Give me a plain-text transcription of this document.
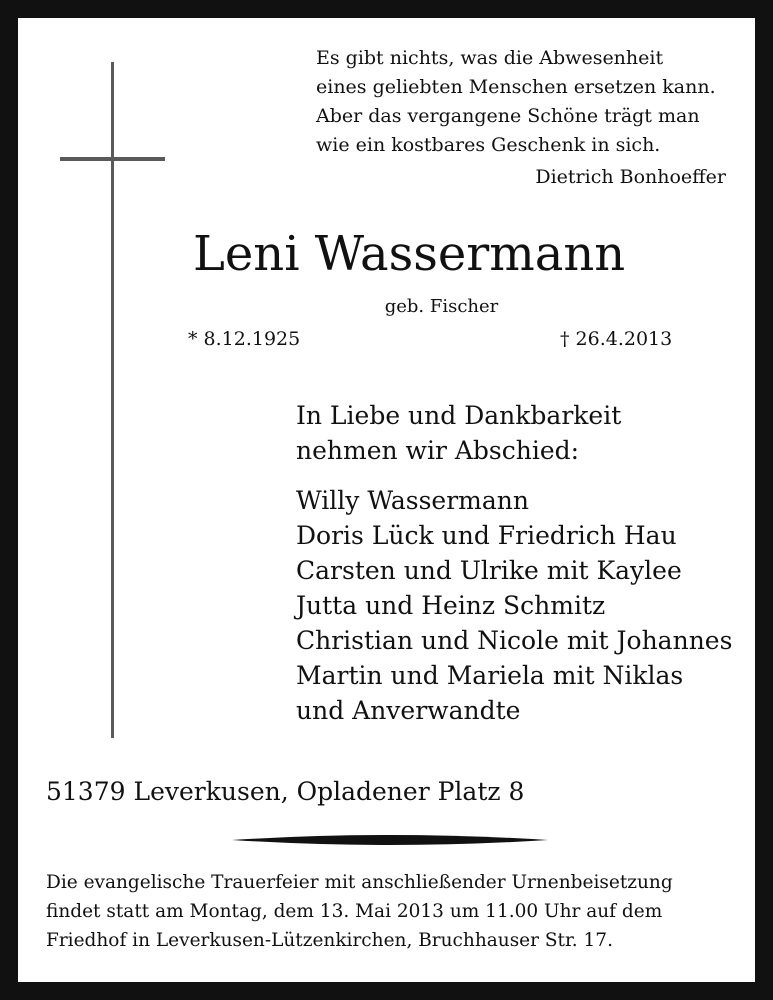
Es gibt nichts, was die Abwesenheit
eines geliebten Menschen ersetzen kann.
Aber das vergangene Schöne trägt man
wie ein kostbares Geschenk in sich.
Dietrich Bonhoeffer
Leni Wassermann
geb. Fischer
* 8.12.1925	† 26.4.2013
In Liebe und Dankbarkeit
nehmen wir Abschied:
Willy Wassermann
Doris Lück und Friedrich Hau
Carsten und Ulrike mit Kaylee
Jutta und Heinz Schmitz
Christian und Nicole mit Johannes
Martin und Mariela mit Niklas
und Anverwandte
51379 Leverkusen, Opladener Platz 8
Die evangelische Trauerfeier mit anschließender Urnenbeisetzung
findet statt am Montag, dem 13. Mai 2013 um 11.00 Uhr auf dem
Friedhof in Leverkusen-Lützenkirchen, Bruchhauser Str. 17.
